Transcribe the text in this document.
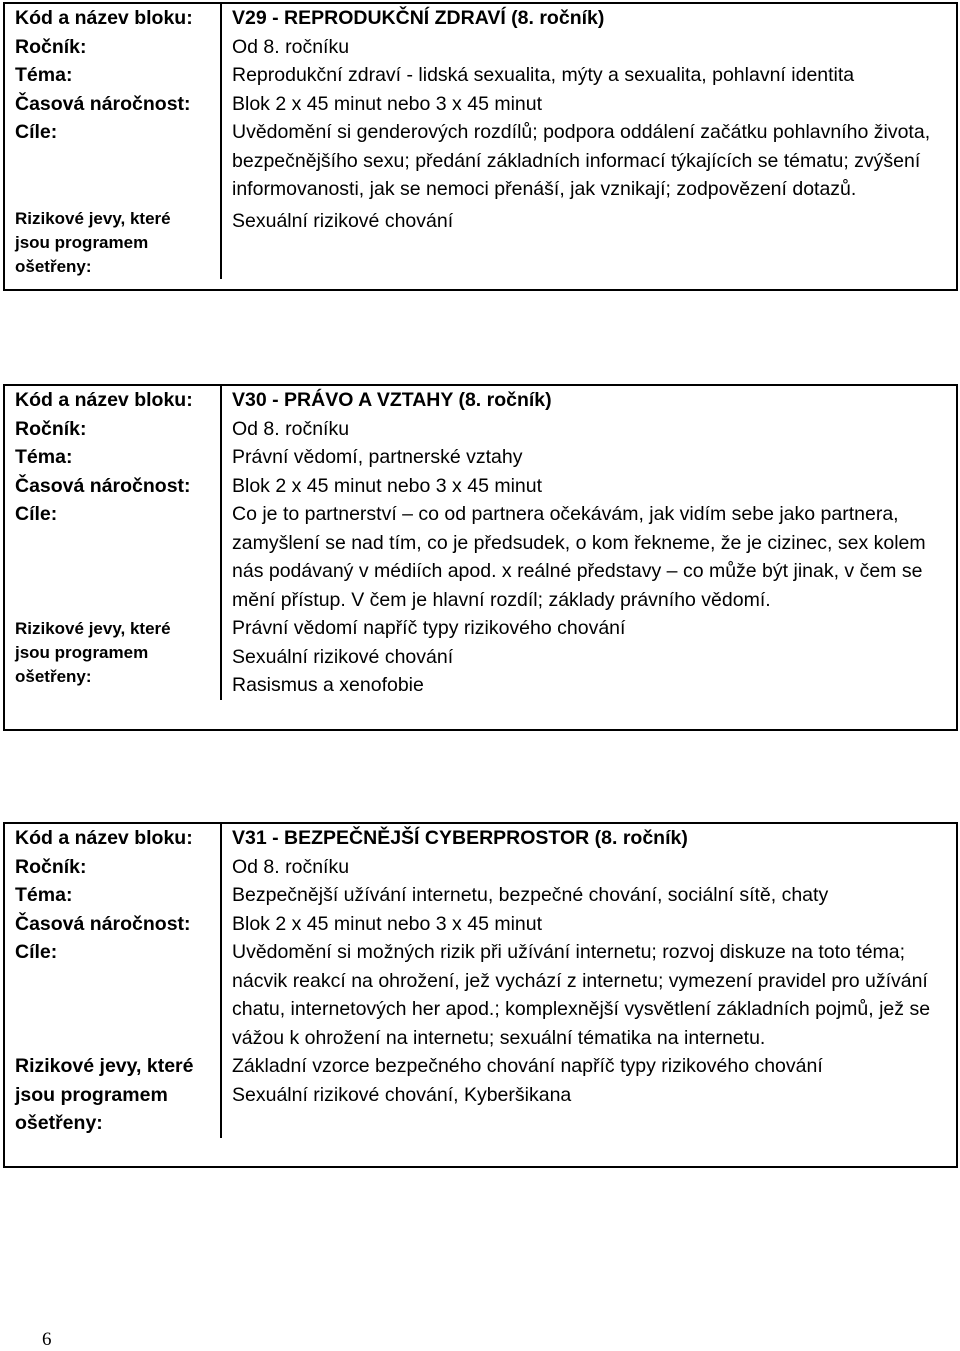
Kód a název bloku:	V29 - REPRODUKČNÍ ZDRAVÍ (8. ročník)
Ročník:	Od 8. ročníku
Téma:	Reprodukční zdraví - lidská sexualita, mýty a sexualita, pohlavní identita
Časová náročnost:	Blok 2 x 45 minut nebo 3 x 45 minut
Cíle:	Uvědomění si genderových rozdílů; podpora oddálení začátku pohlavního života, bezpečnějšího sexu; předání základních informací týkajících se tématu; zvýšení informovanosti, jak se nemoci přenáší, jak vznikají; zodpovězení dotazů.
Rizikové jevy, které jsou programem ošetřeny:	Sexuální rizikové chování
Kód a název bloku:	V30 - PRÁVO A VZTAHY (8. ročník)
Ročník:	Od 8. ročníku
Téma:	Právní vědomí, partnerské vztahy
Časová náročnost:	Blok 2 x 45 minut nebo 3 x 45 minut
Cíle:	Co je to partnerství – co od partnera očekávám, jak vidím sebe jako partnera, zamyšlení se nad tím, co je předsudek, o kom řekneme, že je cizinec, sex kolem nás podávaný v médiích apod. x reálné představy – co může být jinak, v čem se mění přístup. V čem je hlavní rozdíl; základy právního vědomí.
Rizikové jevy, které jsou programem ošetřeny:	Právní vědomí napříč typy rizikového chování
Sexuální rizikové chování
Rasismus a xenofobie
Kód a název bloku:	V31 - BEZPEČNĚJŠÍ CYBERPROSTOR (8. ročník)
Ročník:	Od 8. ročníku
Téma:	Bezpečnější užívání internetu, bezpečné chování, sociální sítě, chaty
Časová náročnost:	Blok 2 x 45 minut nebo 3 x 45 minut
Cíle:	Uvědomění si možných rizik při užívání internetu; rozvoj diskuze na toto téma; nácvik reakcí na ohrožení, jež vychází z internetu; vymezení pravidel pro užívání chatu, internetových her apod.; komplexnější vysvětlení základních pojmů, jež se vážou k ohrožení na internetu; sexuální tématika na internetu.
Rizikové jevy, které jsou programem ošetřeny:	Základní vzorce bezpečného chování napříč typy rizikového chování
Sexuální rizikové chování, Kyberšikana
6
